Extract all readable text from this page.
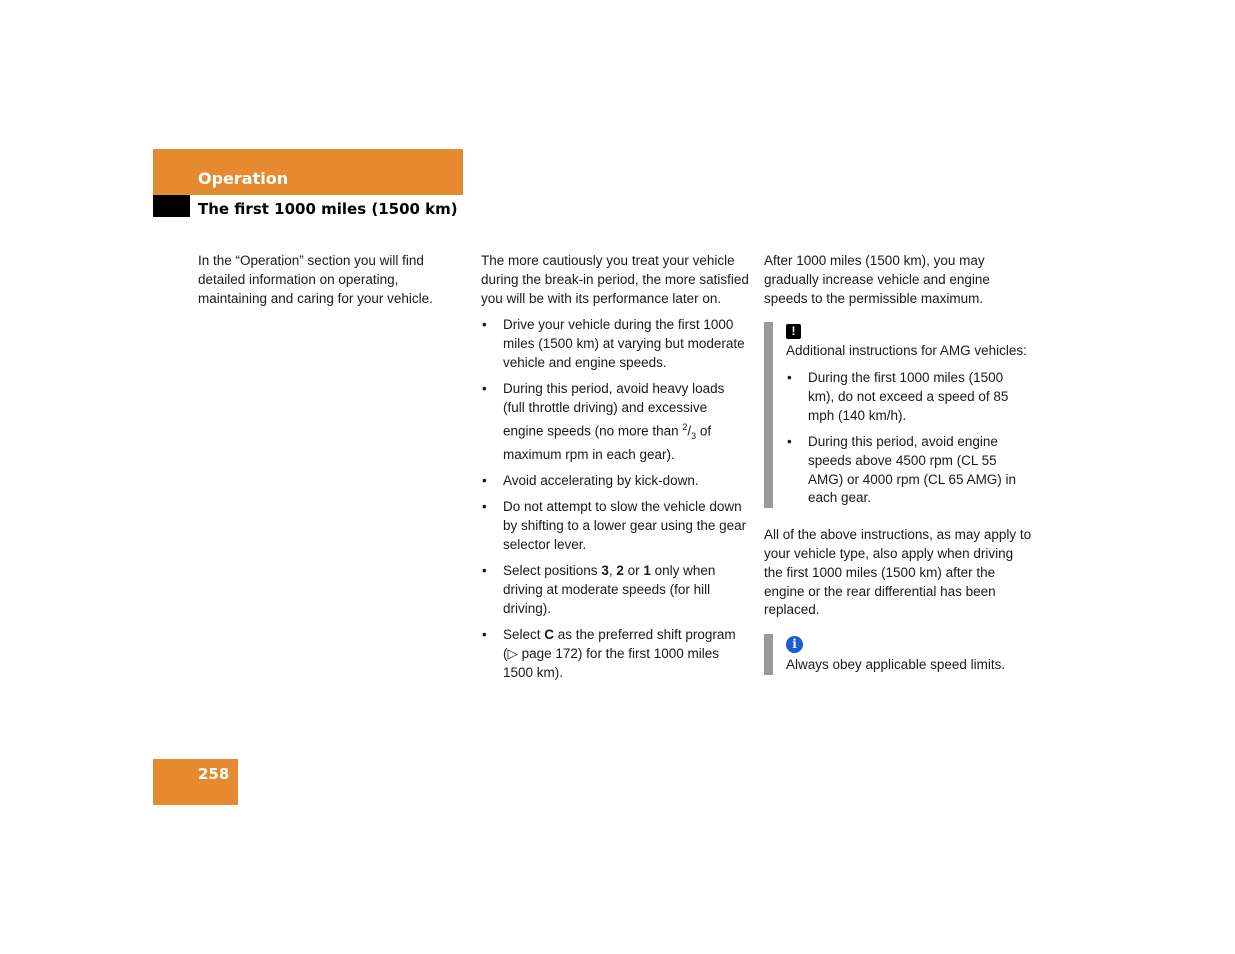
Operation
The first 1000 miles (1500 km)

In the “Operation” section you will find detailed information on operating, maintaining and caring for your vehicle.

The more cautiously you treat your vehicle during the break-in period, the more satisfied you will be with its performance later on.

• Drive your vehicle during the first 1000 miles (1500 km) at varying but moderate vehicle and engine speeds.
• During this period, avoid heavy loads (full throttle driving) and excessive engine speeds (no more than $^2/_3$ of maximum rpm in each gear).
• Avoid accelerating by kick-down.
• Do not attempt to slow the vehicle down by shifting to a lower gear using the gear selector lever.
• Select positions 3, 2 or 1 only when driving at moderate speeds (for hill driving).
• Select C as the preferred shift program (▷ page 172) for the first 1000 miles 1500 km).

After 1000 miles (1500 km), you may gradually increase vehicle and engine speeds to the permissible maximum.

!

Additional instructions for AMG vehicles:

• During the first 1000 miles (1500 km), do not exceed a speed of 85 mph (140 km/h).
• During this period, avoid engine speeds above 4500 rpm (CL 55 AMG) or 4000 rpm (CL 65 AMG) in each gear.

All of the above instructions, as may apply to your vehicle type, also apply when driving the first 1000 miles (1500 km) after the engine or the rear differential has been replaced.

i

Always obey applicable speed limits.

258
